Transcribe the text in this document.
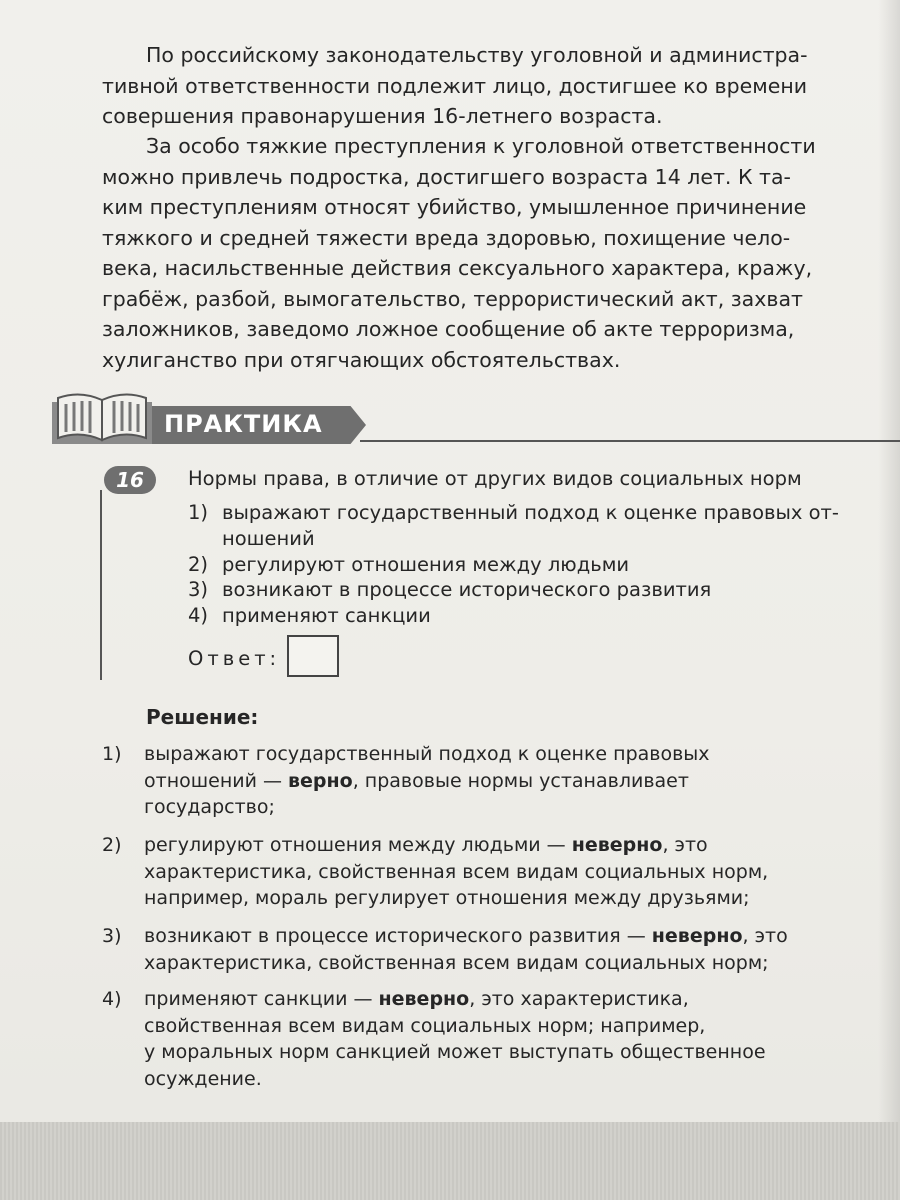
По российскому законодательству уголовной и администра-
тивной ответственности подлежит лицо, достигшее ко времени
совершения правонарушения 16-летнего возраста.

За особо тяжкие преступления к уголовной ответственности
можно привлечь подростка, достигшего возраста 14 лет. К та-
ким преступлениям относят убийство, умышленное причинение
тяжкого и средней тяжести вреда здоровью, похищение чело-
века, насильственные действия сексуального характера, кражу,
грабёж, разбой, вымогательство, террористический акт, захват
заложников, заведомо ложное сообщение об акте терроризма,
хулиганство при отягчающих обстоятельствах.

ПРАКТИКА
16	Нормы права, в отличие от других видов социальных норм
1) выражают государственный подход к оценке правовых от-
ношений
2) регулируют отношения между людьми
3) возникают в процессе исторического развития
4) применяют санкции
Ответ:
Решение:
1) выражают государственный подход к оценке правовых
отношений — верно, правовые нормы устанавливает
государство;
2) регулируют отношения между людьми — неверно, это
характеристика, свойственная всем видам социальных норм,
например, мораль регулирует отношения между друзьями;
3) возникают в процессе исторического развития — неверно, это
характеристика, свойственная всем видам социальных норм;
4) применяют санкции — неверно, это характеристика,
свойственная всем видам социальных норм; например,
у моральных норм санкцией может выступать общественное
осуждение.
